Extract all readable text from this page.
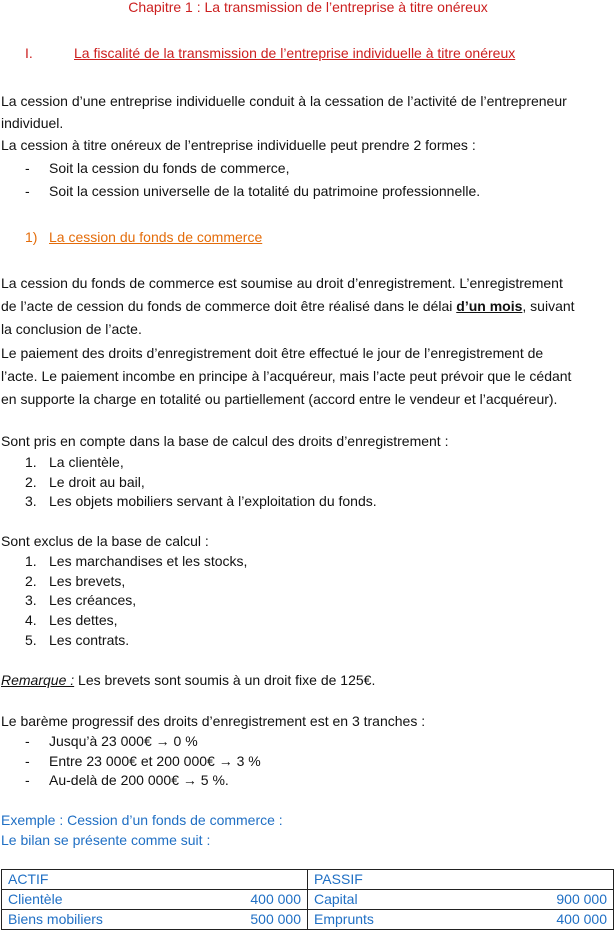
Chapitre 1 : La transmission de l’entreprise à titre onéreux
I.	La fiscalité de la transmission de l’entreprise individuelle à titre onéreux
La cession d’une entreprise individuelle conduit à la cessation de l’activité de l’entrepreneur
individuel.
La cession à titre onéreux de l’entreprise individuelle peut prendre 2 formes :
- Soit la cession du fonds de commerce,
- Soit la cession universelle de la totalité du patrimoine professionnelle.
1) La cession du fonds de commerce
La cession du fonds de commerce est soumise au droit d’enregistrement. L’enregistrement
de l’acte de cession du fonds de commerce doit être réalisé dans le délai d’un mois, suivant
la conclusion de l’acte.
Le paiement des droits d’enregistrement doit être effectué le jour de l’enregistrement de
l’acte. Le paiement incombe en principe à l’acquéreur, mais l’acte peut prévoir que le cédant
en supporte la charge en totalité ou partiellement (accord entre le vendeur et l’acquéreur).
Sont pris en compte dans la base de calcul des droits d’enregistrement :
1. La clientèle,
2. Le droit au bail,
3. Les objets mobiliers servant à l’exploitation du fonds.
Sont exclus de la base de calcul :
1. Les marchandises et les stocks,
2. Les brevets,
3. Les créances,
4. Les dettes,
5. Les contrats.
Remarque : Les brevets sont soumis à un droit fixe de 125€.
Le barème progressif des droits d’enregistrement est en 3 tranches :
- Jusqu’à 23 000€ → 0 %
- Entre 23 000€ et 200 000€ → 3 %
- Au-delà de 200 000€ → 5 %.
Exemple : Cession d’un fonds de commerce :
Le bilan se présente comme suit :
ACTIF	PASSIF
Clientèle 400 000	Capital 900 000

Biens mobiliers 500 000	Emprunts 400 000
